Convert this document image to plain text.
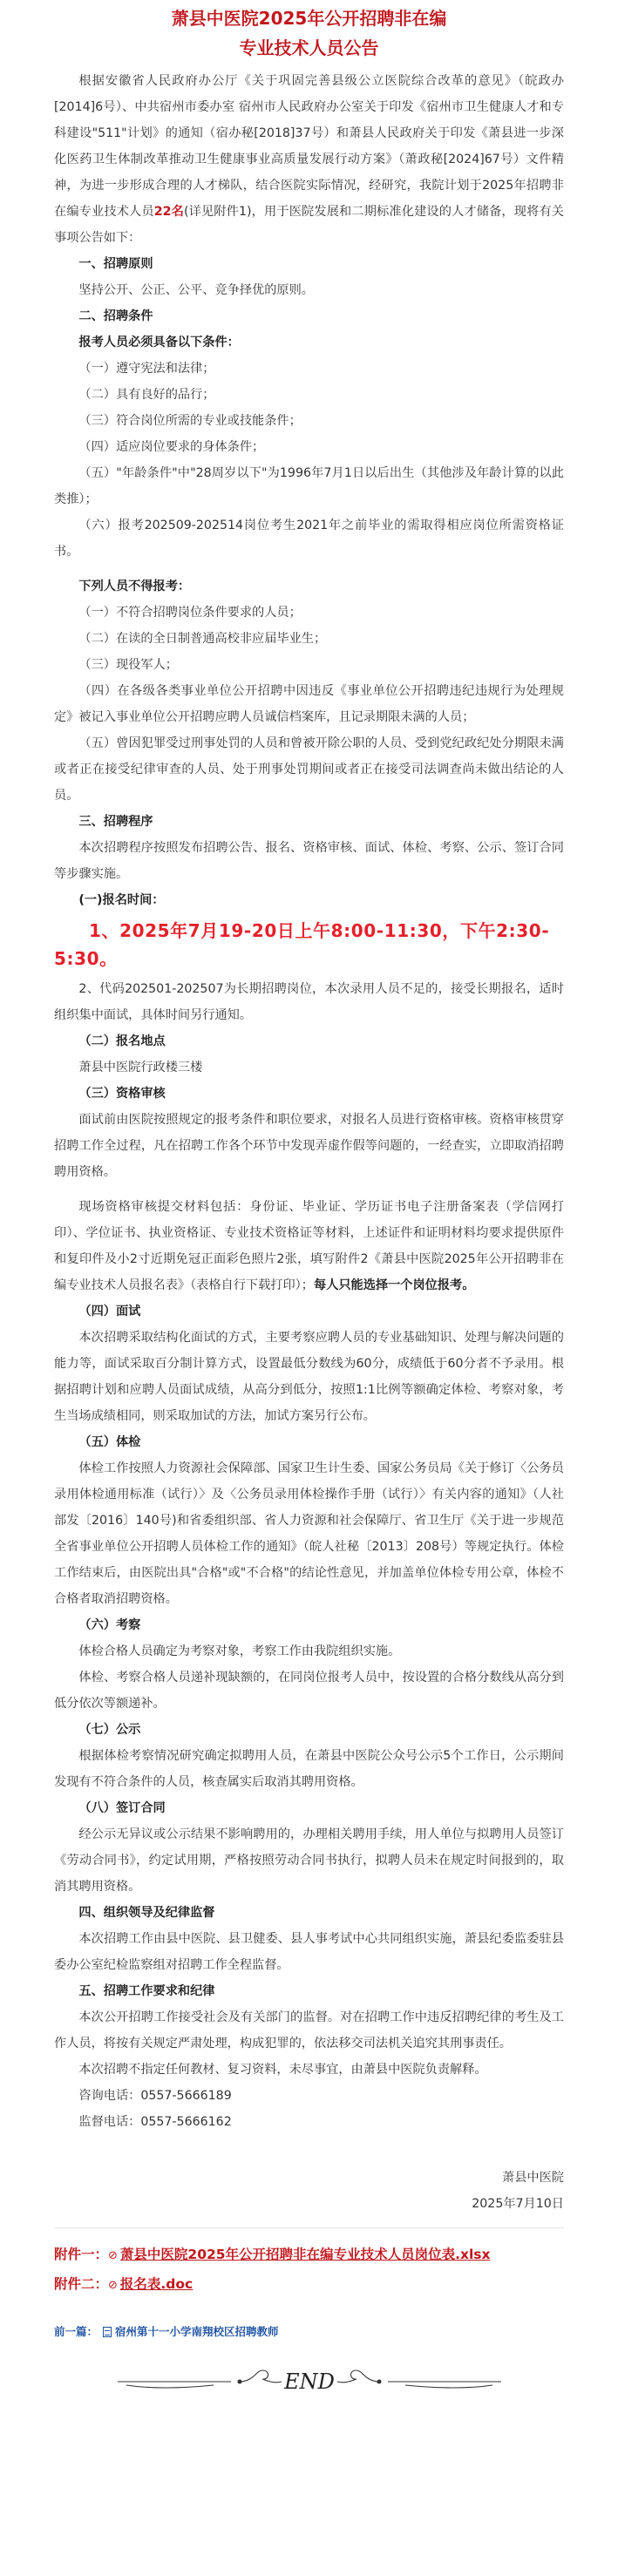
萧县中医院2025年公开招聘非在编
专业技术人员公告

根据安徽省人民政府办公厅《关于巩固完善县级公立医院综合改革的意见》（皖政办[2014]6号）、中共宿州市委办室 宿州市人民政府办公室关于印发《宿州市卫生健康人才和专科建设"511"计划》的通知（宿办秘[2018]37号）和萧县人民政府关于印发《萧县进一步深化医药卫生体制改革推动卫生健康事业高质量发展行动方案》（萧政秘[2024]67号）文件精神，为进一步形成合理的人才梯队，结合医院实际情况，经研究，我院计划于2025年招聘非在编专业技术人员22名(详见附件1)，用于医院发展和二期标准化建设的人才储备，现将有关事项公告如下：

一、招聘原则

坚持公开、公正、公平、竞争择优的原则。

二、招聘条件

报考人员必须具备以下条件：

（一）遵守宪法和法律；

（二）具有良好的品行；

（三）符合岗位所需的专业或技能条件；

（四）适应岗位要求的身体条件；

（五）"年龄条件"中"28周岁以下"为1996年7月1日以后出生（其他涉及年龄计算的以此类推）；

（六）报考202509-202514岗位考生2021年之前毕业的需取得相应岗位所需资格证书。

下列人员不得报考：

（一）不符合招聘岗位条件要求的人员；

（二）在读的全日制普通高校非应届毕业生；

（三）现役军人；

（四）在各级各类事业单位公开招聘中因违反《事业单位公开招聘违纪违规行为处理规定》被记入事业单位公开招聘应聘人员诚信档案库，且记录期限未满的人员；

（五）曾因犯罪受过刑事处罚的人员和曾被开除公职的人员、受到党纪政纪处分期限未满或者正在接受纪律审查的人员、处于刑事处罚期间或者正在接受司法调查尚未做出结论的人员。

三、招聘程序

本次招聘程序按照发布招聘公告、报名、资格审核、面试、体检、考察、公示、签订合同等步骤实施。

(一)报名时间：

1、2025年7月19-20日上午8:00-11:30，下午2:30-5:30。

2、代码202501-202507为长期招聘岗位，本次录用人员不足的，接受长期报名，适时组织集中面试，具体时间另行通知。

（二）报名地点

萧县中医院行政楼三楼

（三）资格审核

面试前由医院按照规定的报考条件和职位要求，对报名人员进行资格审核。资格审核贯穿招聘工作全过程，凡在招聘工作各个环节中发现弄虚作假等问题的，一经查实，立即取消招聘聘用资格。

现场资格审核提交材料包括：身份证、毕业证、学历证书电子注册备案表（学信网打印）、学位证书、执业资格证、专业技术资格证等材料，上述证件和证明材料均要求提供原件和复印件及小2寸近期免冠正面彩色照片2张，填写附件2《萧县中医院2025年公开招聘非在编专业技术人员报名表》（表格自行下载打印）；每人只能选择一个岗位报考。

（四）面试

本次招聘采取结构化面试的方式，主要考察应聘人员的专业基础知识、处理与解决问题的能力等，面试采取百分制计算方式，设置最低分数线为60分，成绩低于60分者不予录用。根据招聘计划和应聘人员面试成绩，从高分到低分，按照1:1比例等额确定体检、考察对象，考生当场成绩相同，则采取加试的方法，加试方案另行公布。

（五）体检

体检工作按照人力资源社会保障部、国家卫生计生委、国家公务员局《关于修订〈公务员录用体检通用标准（试行）〉及〈公务员录用体检操作手册（试行）〉有关内容的通知》（人社部发〔2016〕140号)和省委组织部、省人力资源和社会保障厅、省卫生厅《关于进一步规范全省事业单位公开招聘人员体检工作的通知》（皖人社秘〔2013〕208号）等规定执行。体检工作结束后，由医院出具"合格"或"不合格"的结论性意见，并加盖单位体检专用公章，体检不合格者取消招聘资格。

（六）考察

体检合格人员确定为考察对象，考察工作由我院组织实施。

体检、考察合格人员递补现缺额的，在同岗位报考人员中，按设置的合格分数线从高分到低分依次等额递补。

（七）公示

根据体检考察情况研究确定拟聘用人员，在萧县中医院公众号公示5个工作日，公示期间发现有不符合条件的人员，核查属实后取消其聘用资格。

（八）签订合同

经公示无异议或公示结果不影响聘用的，办理相关聘用手续，用人单位与拟聘用人员签订《劳动合同书》，约定试用期，严格按照劳动合同书执行，拟聘人员未在规定时间报到的，取消其聘用资格。

四、组织领导及纪律监督

本次招聘工作由县中医院、县卫健委、县人事考试中心共同组织实施，萧县纪委监委驻县委办公室纪检监察组对招聘工作全程监督。

五、招聘工作要求和纪律

本次公开招聘工作接受社会及有关部门的监督。对在招聘工作中违反招聘纪律的考生及工作人员，将按有关规定严肃处理，构成犯罪的，依法移交司法机关追究其刑事责任。

本次招聘不指定任何教材、复习资料，未尽事宜，由萧县中医院负责解释。

咨询电话：0557-5666189

监督电话：0557-5666162

萧县中医院

2025年7月10日

附件一：⊘ 萧县中医院2025年公开招聘非在编专业技术人员岗位表.xlsx

附件二：⊘ 报名表.doc

前一篇： 宿州第十一小学南翔校区招聘教师

END
